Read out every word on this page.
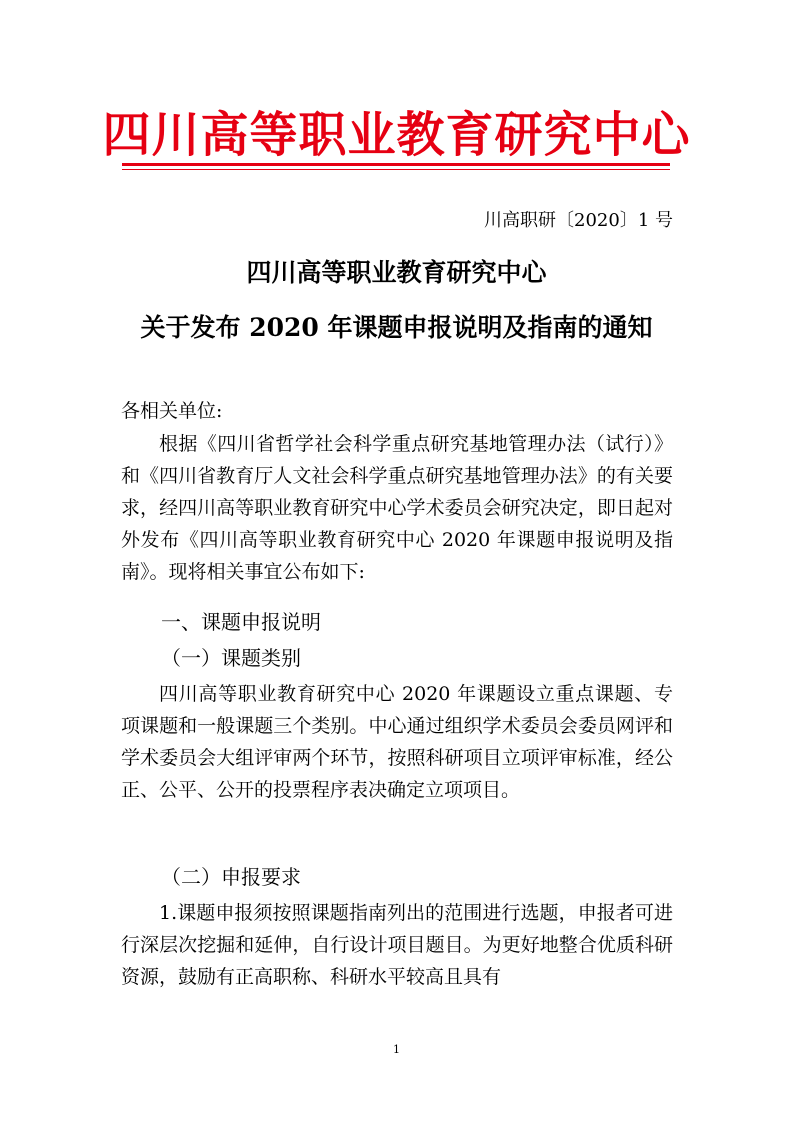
四川高等职业教育研究中心
川高职研〔2020〕1 号
四川高等职业教育研究中心
关于发布 2020 年课题申报说明及指南的通知
各相关单位:
根据《四川省哲学社会科学重点研究基地管理办法（试行）》和《四川省教育厅人文社会科学重点研究基地管理办法》的有关要求，经四川高等职业教育研究中心学术委员会研究决定，即日起对外发布《四川高等职业教育研究中心 2020 年课题申报说明及指南》。现将相关事宜公布如下:
一、课题申报说明
（一）课题类别
四川高等职业教育研究中心 2020 年课题设立重点课题、专项课题和一般课题三个类别。中心通过组织学术委员会委员网评和学术委员会大组评审两个环节，按照科研项目立项评审标准，经公正、公平、公开的投票程序表决确定立项项目。
（二）申报要求
1.课题申报须按照课题指南列出的范围进行选题，申报者可进行深层次挖掘和延伸，自行设计项目题目。为更好地整合优质科研资源，鼓励有正高职称、科研水平较高且具有
1
